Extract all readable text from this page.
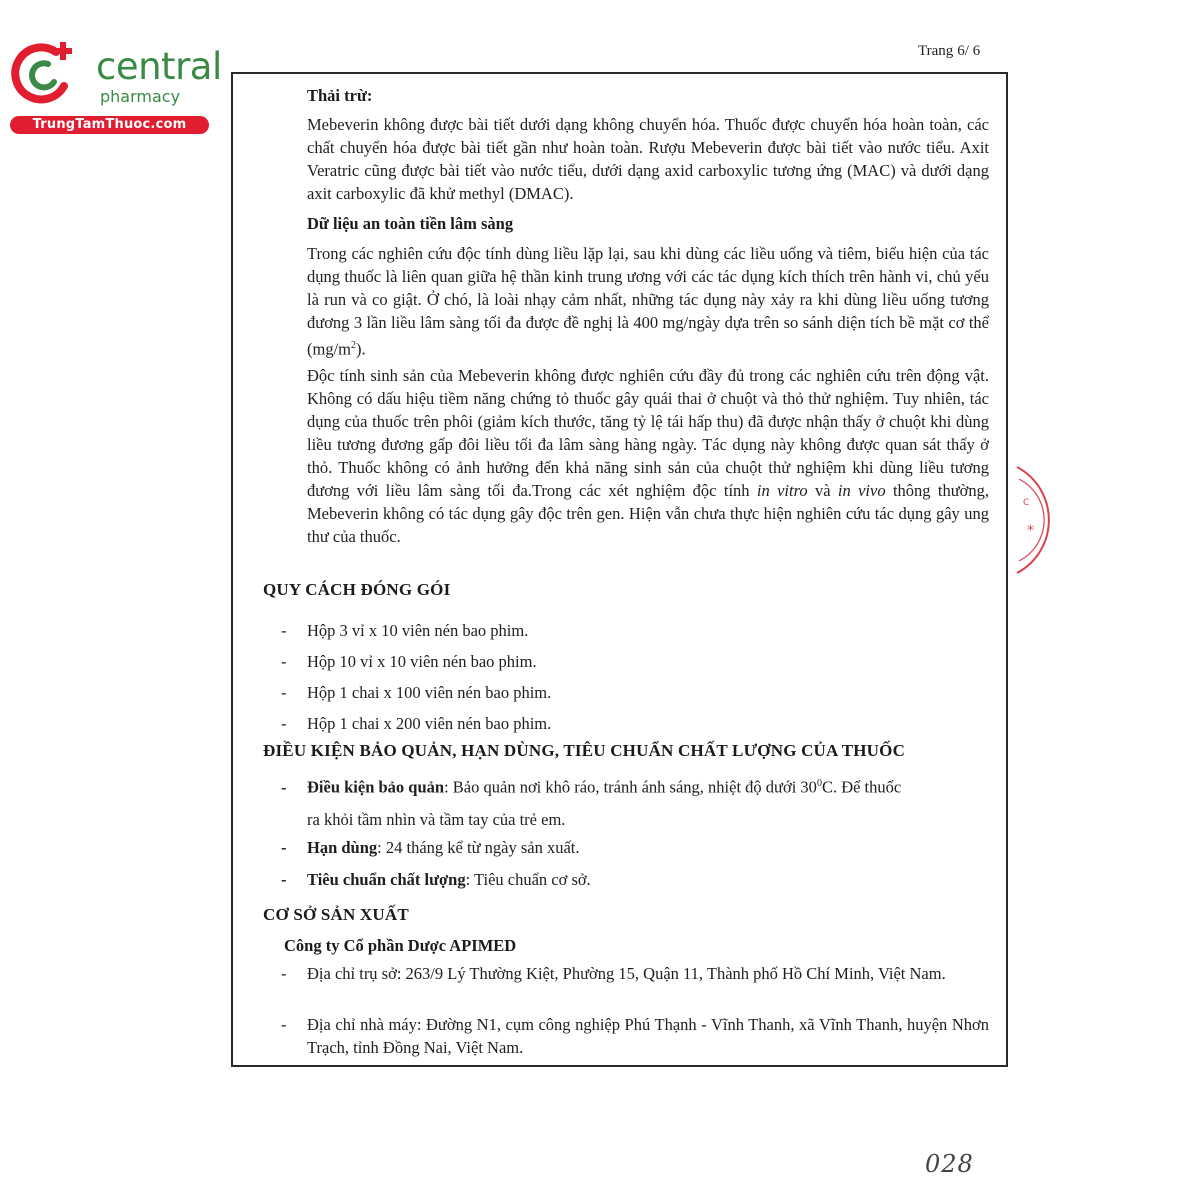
central
pharmacy
TrungTamThuoc.com
Trang 6/ 6

Thải trừ:

Mebeverin không được bài tiết dưới dạng không chuyển hóa. Thuốc được chuyển hóa hoàn toàn, các chất chuyển hóa được bài tiết gần như hoàn toàn. Rượu Mebeverin được bài tiết vào nước tiểu. Axit Veratric cũng được bài tiết vào nước tiểu, dưới dạng axid carboxylic tương ứng (MAC) và dưới dạng axit carboxylic đã khử methyl (DMAC).

Dữ liệu an toàn tiền lâm sàng

Trong các nghiên cứu độc tính dùng liều lặp lại, sau khi dùng các liều uống và tiêm, biểu hiện của tác dụng thuốc là liên quan giữa hệ thần kinh trung ương với các tác dụng kích thích trên hành vi, chủ yếu là run và co giật. Ở chó, là loài nhạy cảm nhất, những tác dụng này xảy ra khi dùng liều uống tương đương 3 lần liều lâm sàng tối đa được đề nghị là 400 mg/ngày dựa trên so sánh diện tích bề mặt cơ thể $(mg/m^2)$.

Độc tính sinh sản của Mebeverin không được nghiên cứu đầy đủ trong các nghiên cứu trên động vật. Không có dấu hiệu tiềm năng chứng tỏ thuốc gây quái thai ở chuột và thỏ thử nghiệm. Tuy nhiên, tác dụng của thuốc trên phôi (giảm kích thước, tăng tỷ lệ tái hấp thu) đã được nhận thấy ở chuột khi dùng liều tương đương gấp đôi liều tối đa lâm sàng hàng ngày. Tác dụng này không được quan sát thấy ở thỏ. Thuốc không có ảnh hưởng đến khả năng sinh sản của chuột thử nghiệm khi dùng liều tương đương với liều lâm sàng tối đa.Trong các xét nghiệm độc tính in vitro và in vivo thông thường, Mebeverin không có tác dụng gây độc trên gen. Hiện vẫn chưa thực hiện nghiên cứu tác dụng gây ung thư của thuốc.

QUY CÁCH ĐÓNG GÓI

- Hộp 3 vỉ x 10 viên nén bao phim.

- Hộp 10 vỉ x 10 viên nén bao phim.

- Hộp 1 chai x 100 viên nén bao phim.

- Hộp 1 chai x 200 viên nén bao phim.

ĐIỀU KIỆN BẢO QUẢN, HẠN DÙNG, TIÊU CHUẨN CHẤT LƯỢNG CỦA THUỐC

- Điều kiện bảo quản: Bảo quản nơi khô ráo, tránh ánh sáng, nhiệt độ dưới $30^0C$. Để thuốc
ra khỏi tầm nhìn và tầm tay của trẻ em.
- Hạn dùng: 24 tháng kể từ ngày sản xuất.
- Tiêu chuẩn chất lượng: Tiêu chuẩn cơ sở.

CƠ SỞ SẢN XUẤT

Công ty Cổ phần Dược APIMED

-	Địa chỉ trụ sở: 263/9 Lý Thường Kiệt, Phường 15, Quận 11, Thành phố Hồ Chí Minh, Việt Nam.
-	Địa chỉ nhà máy: Đường N1, cụm công nghiệp Phú Thạnh - Vĩnh Thanh, xã Vĩnh Thanh, huyện Nhơn Trạch, tỉnh Đồng Nai, Việt Nam.
*
C
028
